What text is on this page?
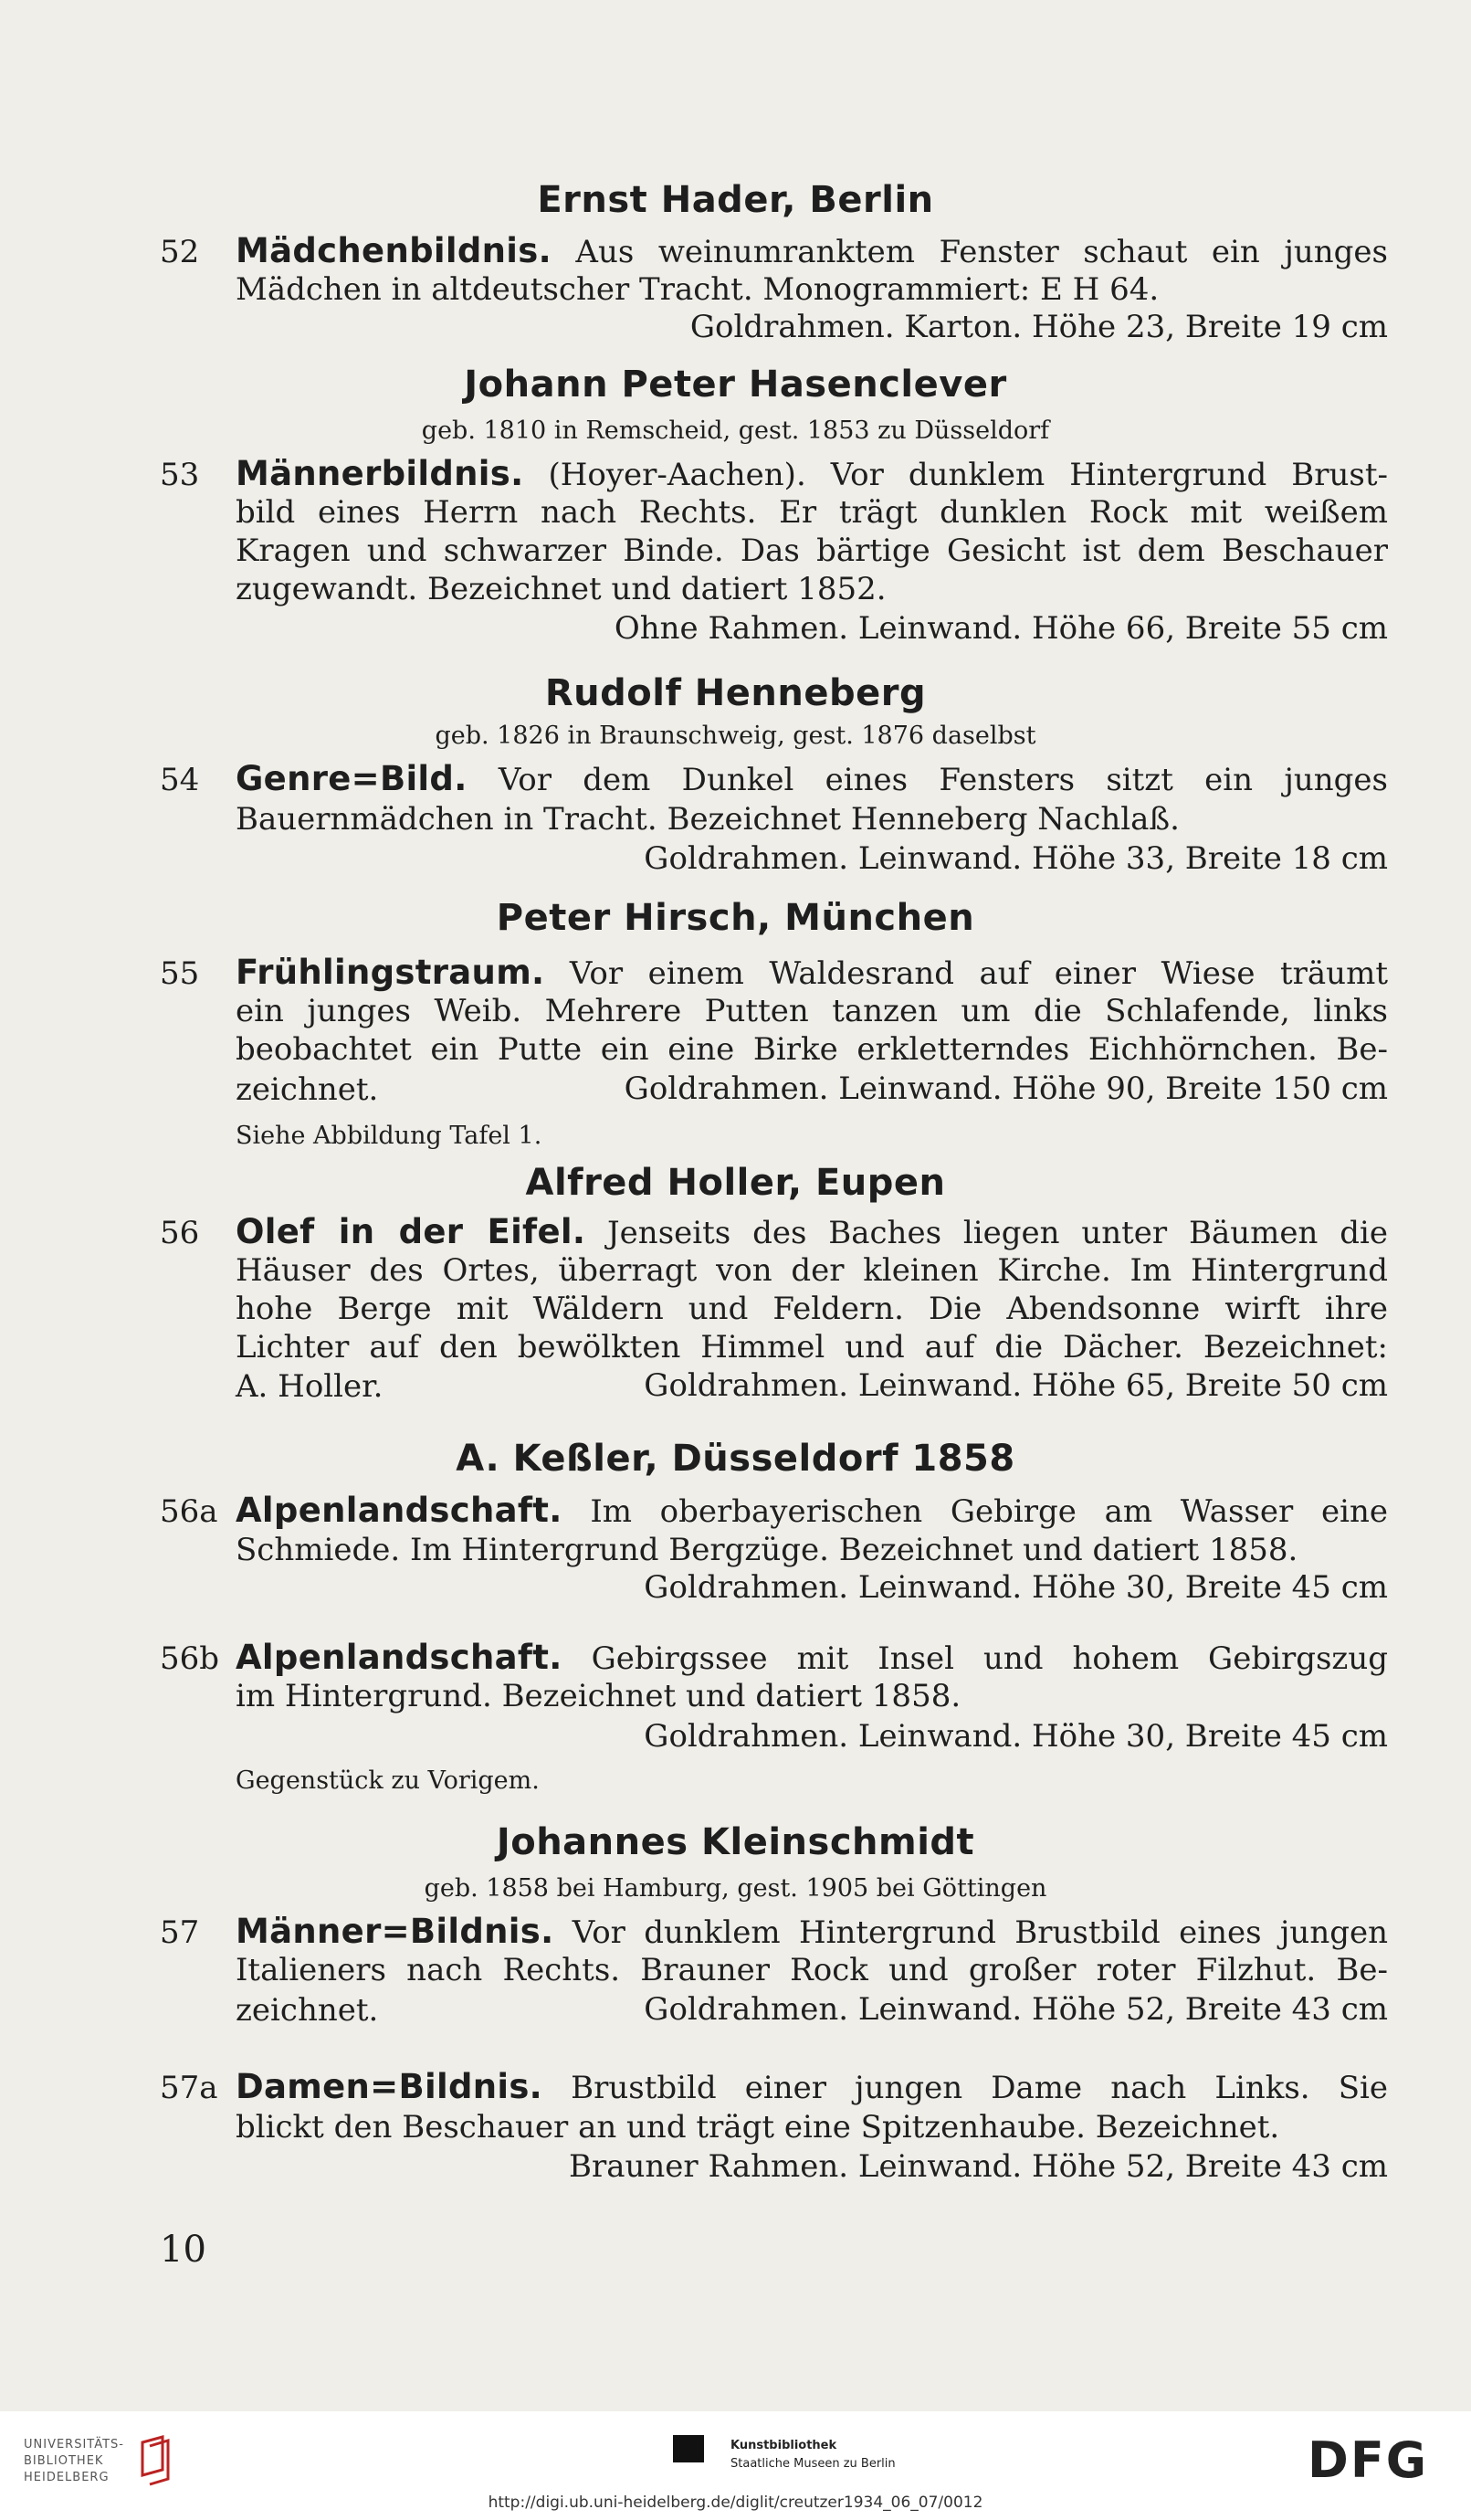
Ernst Hader, Berlin
52 Mädchenbildnis. Aus weinumranktem Fenster schaut ein junges
Mädchen in altdeutscher Tracht. Monogrammiert: E H 64.
Goldrahmen. Karton. Höhe 23, Breite 19 cm
Johann Peter Hasenclever
geb. 1810 in Remscheid, gest. 1853 zu Düsseldorf
53 Männerbildnis. (Hoyer-Aachen). Vor dunklem Hintergrund Brust-
bild eines Herrn nach Rechts. Er trägt dunklen Rock mit weißem
Kragen und schwarzer Binde. Das bärtige Gesicht ist dem Beschauer
zugewandt. Bezeichnet und datiert 1852.
Ohne Rahmen. Leinwand. Höhe 66, Breite 55 cm
Rudolf Henneberg
geb. 1826 in Braunschweig, gest. 1876 daselbst
54 Genre=Bild. Vor dem Dunkel eines Fensters sitzt ein junges
Bauernmädchen in Tracht. Bezeichnet Henneberg Nachlaß.
Goldrahmen. Leinwand. Höhe 33, Breite 18 cm
Peter Hirsch, München
55 Frühlingstraum. Vor einem Waldesrand auf einer Wiese träumt
ein junges Weib. Mehrere Putten tanzen um die Schlafende, links
beobachtet ein Putte ein eine Birke erkletterndes Eichhörnchen. Be-
zeichnet.	Goldrahmen. Leinwand. Höhe 90, Breite 150 cm
Siehe Abbildung Tafel 1.
Alfred Holler, Eupen
56 Olef in der Eifel. Jenseits des Baches liegen unter Bäumen die
Häuser des Ortes, überragt von der kleinen Kirche. Im Hintergrund
hohe Berge mit Wäldern und Feldern. Die Abendsonne wirft ihre
Lichter auf den bewölkten Himmel und auf die Dächer. Bezeichnet:
A. Holler.	Goldrahmen. Leinwand. Höhe 65, Breite 50 cm
A. Keßler, Düsseldorf 1858
56a Alpenlandschaft. Im oberbayerischen Gebirge am Wasser eine
Schmiede. Im Hintergrund Bergzüge. Bezeichnet und datiert 1858.
Goldrahmen. Leinwand. Höhe 30, Breite 45 cm
56b Alpenlandschaft. Gebirgssee mit Insel und hohem Gebirgszug
im Hintergrund. Bezeichnet und datiert 1858.
Goldrahmen. Leinwand. Höhe 30, Breite 45 cm
Gegenstück zu Vorigem.
Johannes Kleinschmidt
geb. 1858 bei Hamburg, gest. 1905 bei Göttingen
57 Männer=Bildnis. Vor dunklem Hintergrund Brustbild eines jungen
Italieners nach Rechts. Brauner Rock und großer roter Filzhut. Be-
zeichnet.	Goldrahmen. Leinwand. Höhe 52, Breite 43 cm
57a Damen=Bildnis. Brustbild einer jungen Dame nach Links. Sie
blickt den Beschauer an und trägt eine Spitzenhaube. Bezeichnet.
Brauner Rahmen. Leinwand. Höhe 52, Breite 43 cm
10
UNIVERSITÄTS-
BIBLIOTHEK
HEIDELBERG
Kunstbibliothek
Staatliche Museen zu Berlin	DFG
http://digi.ub.uni-heidelberg.de/diglit/creutzer1934_06_07/0012
